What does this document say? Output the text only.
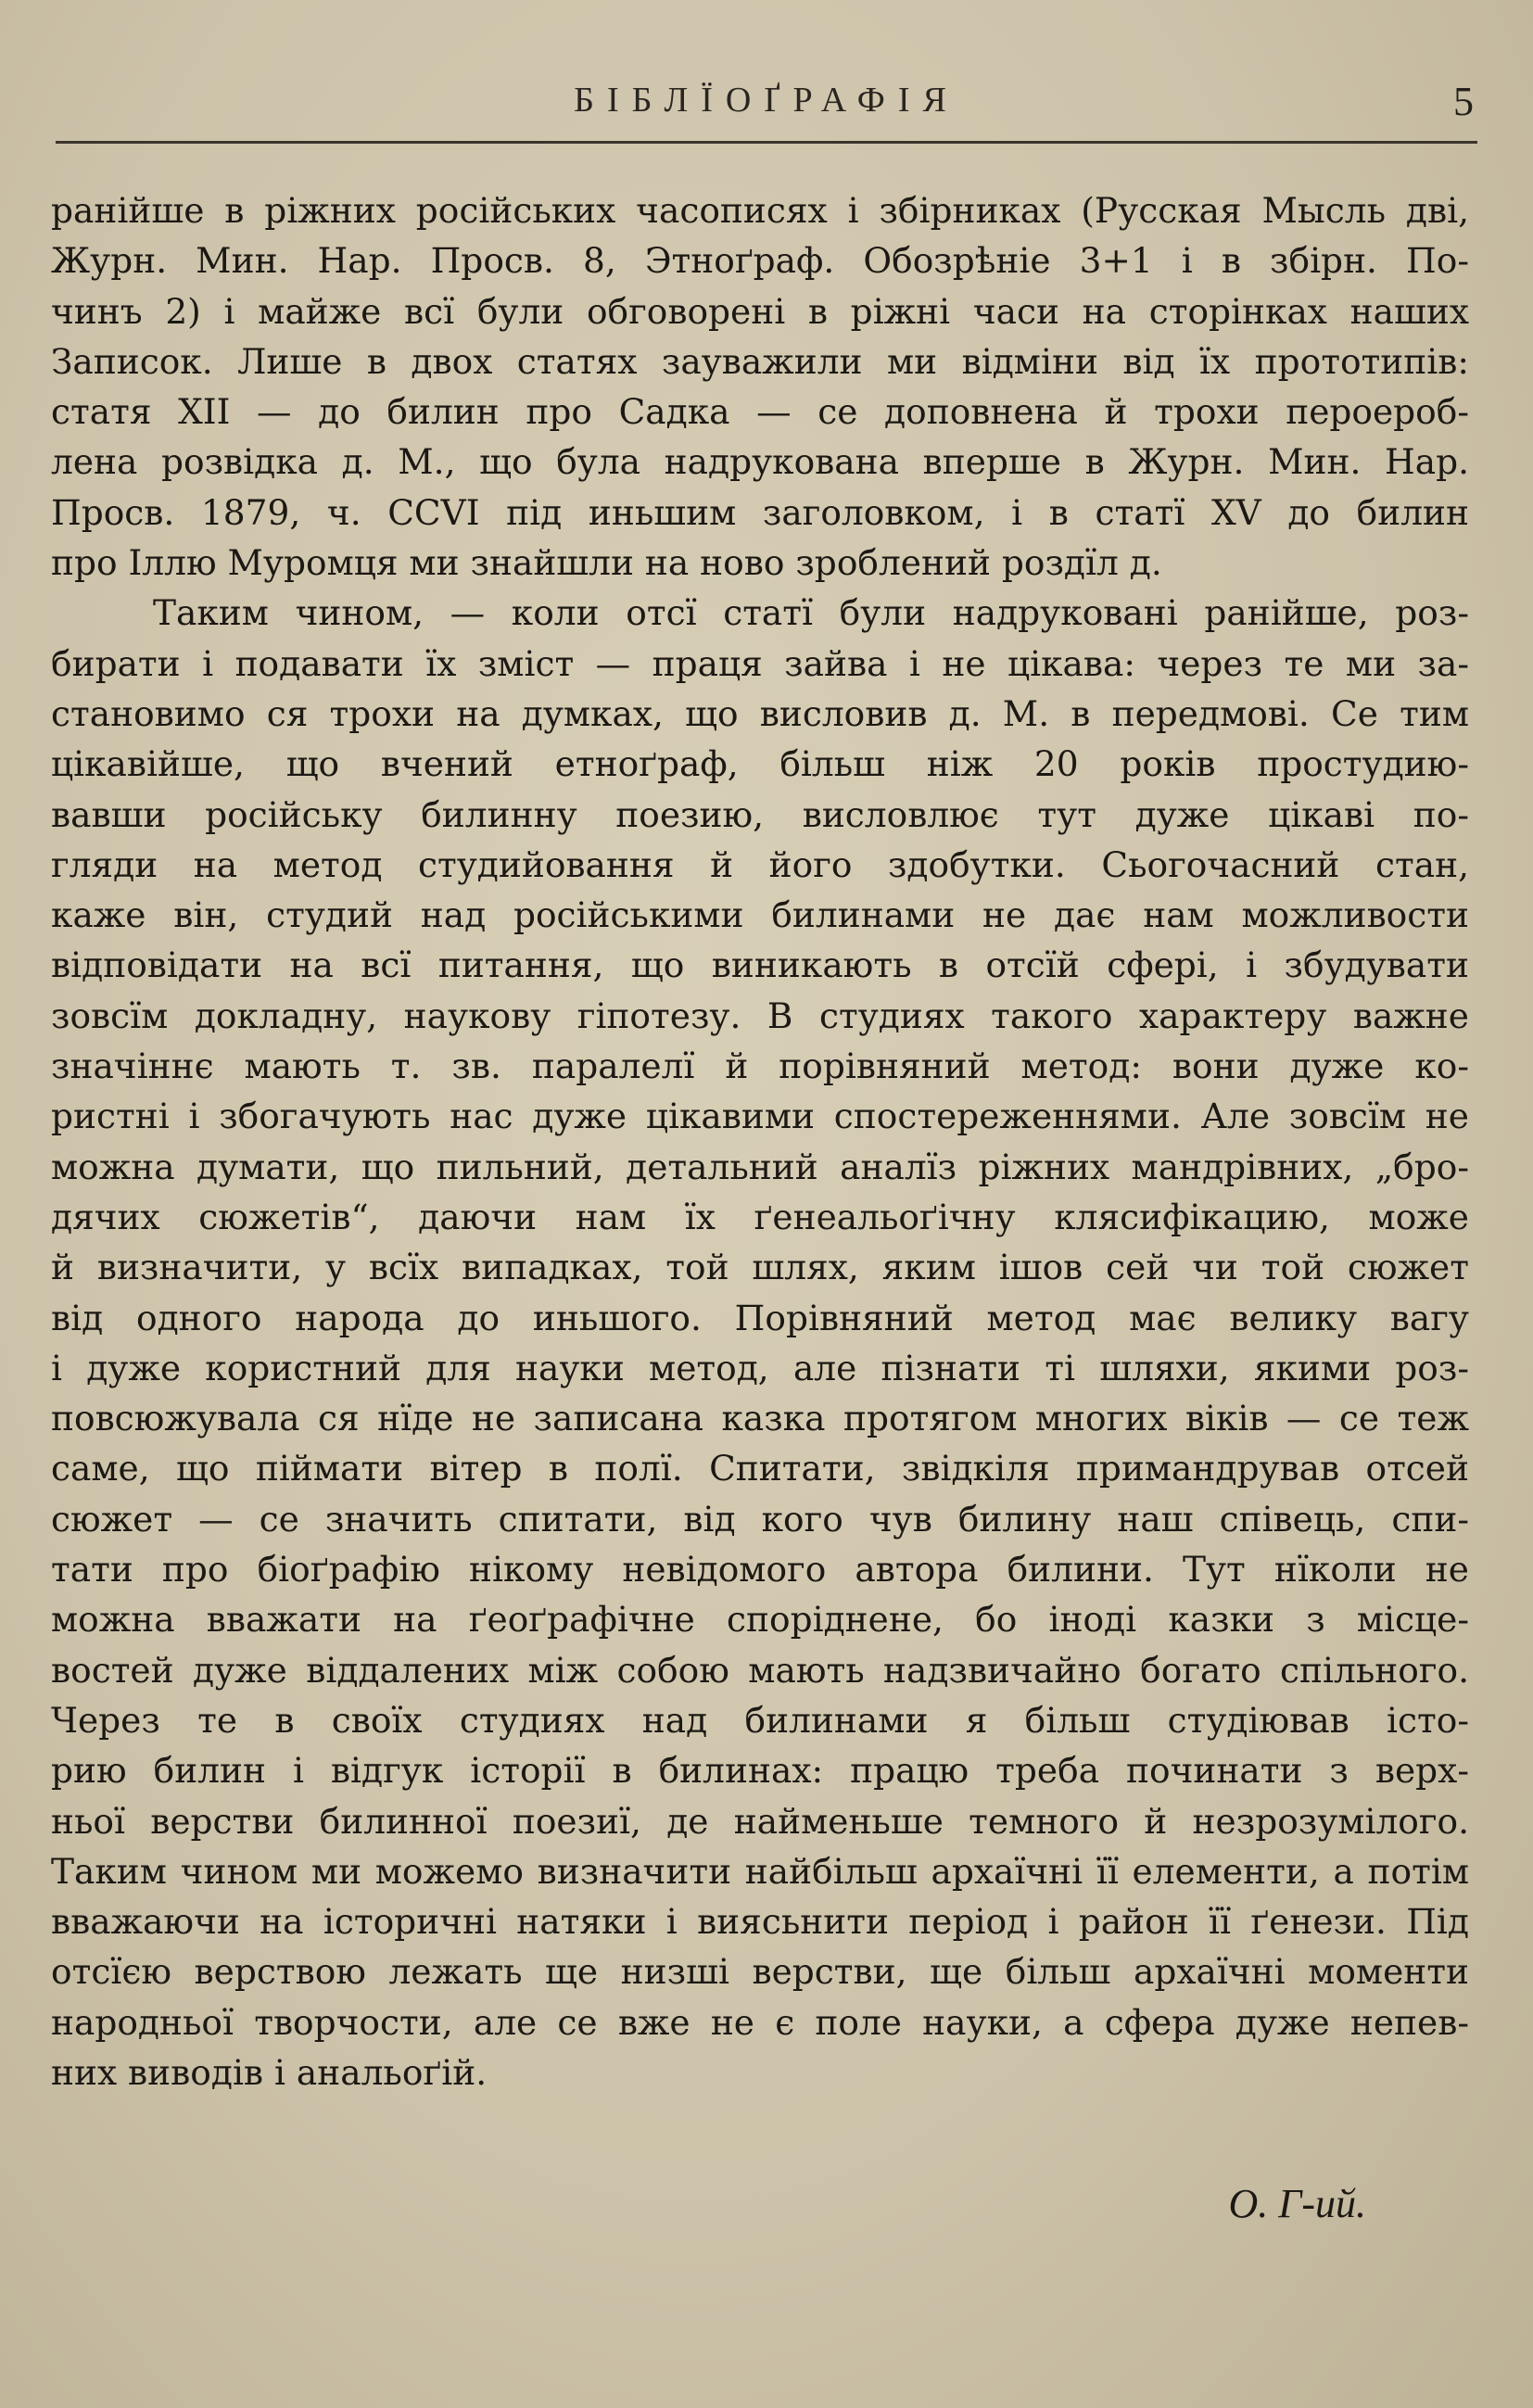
БІБЛЇОҐРАФІЯ	5
ранійше в ріжних російських часописях і збірниках (Русская Мысль дві,
Журн. Мин. Нар. Просв. 8, Этноґраф. Обозрѣніе 3+1 і в збірн. По-
чинъ 2) і майже всї були обговорені в ріжні часи на сторінках наших
Записок. Лише в двох статях зауважили ми відміни від їх прототипів:
статя XII — до билин про Садка — се доповнена й трохи пероероб-
лена розвідка д. М., що була надрукована вперше в Журн. Мин. Нар.
Просв. 1879, ч. CCVI під иньшим заголовком, і в статї XV до билин
про Іллю Муромця ми знайшли на ново зроблений роздїл д.
Таким чином, — коли отсї статї були надруковані ранійше, роз-
бирати і подавати їх зміст — праця зайва і не цікава: через те ми за-
становимо ся трохи на думках, що висловив д. М. в передмові. Се тим
цікавійше, що вчений етноґраф, більш ніж 20 років простудию-
вавши російську билинну поезию, висловлює тут дуже цікаві по-
гляди на метод студийовання й його здобутки. Сьогочасний стан,
каже він, студий над російськими билинами не дає нам можливости
відповідати на всї питання, що виникають в отсїй сфері, і збудувати
зовсїм докладну, наукову гіпотезу. В студиях такого характеру важне
значіннє мають т. зв. паралелї й порівняний метод: вони дуже ко-
ристні і збогачують нас дуже цікавими спостереженнями. Але зовсїм не
можна думати, що пильний, детальний аналїз ріжних мандрівних, „бро-
дячих сюжетів“, даючи нам їх ґенеальоґічну клясифікацию, може
й визначити, у всїх випадках, той шлях, яким ішов сей чи той сюжет
від одного народа до иньшого. Порівняний метод має велику вагу
і дуже користний для науки метод, але пізнати ті шляхи, якими роз-
повсюжувала ся нїде не записана казка протягом многих віків — се теж
саме, що піймати вітер в полї. Спитати, звідкіля примандрував отсей
сюжет — се значить спитати, від кого чув билину наш співець, спи-
тати про біоґрафію нікому невідомого автора билини. Тут нїколи не
можна вважати на ґеоґрафічне споріднене, бо іноді казки з місце-
востей дуже віддалених між собою мають надзвичайно богато спільного.
Через те в своїх студиях над билинами я більш студіював істо-
рию билин і відгук історії в билинах: працю треба починати з верх-
ньої верстви билинної поезиї, де найменьше темного й незрозумілого.
Таким чином ми можемо визначити найбільш архаїчні її елементи, а потім
вважаючи на історичні натяки і виясьнити період і район її ґенези. Під
отсїєю верствою лежать ще низші верстви, ще більш архаїчні моменти
народньої творчости, але се вже не є поле науки, а сфера дуже непев-
них виводів і анальоґій.
О. Г-ий.
